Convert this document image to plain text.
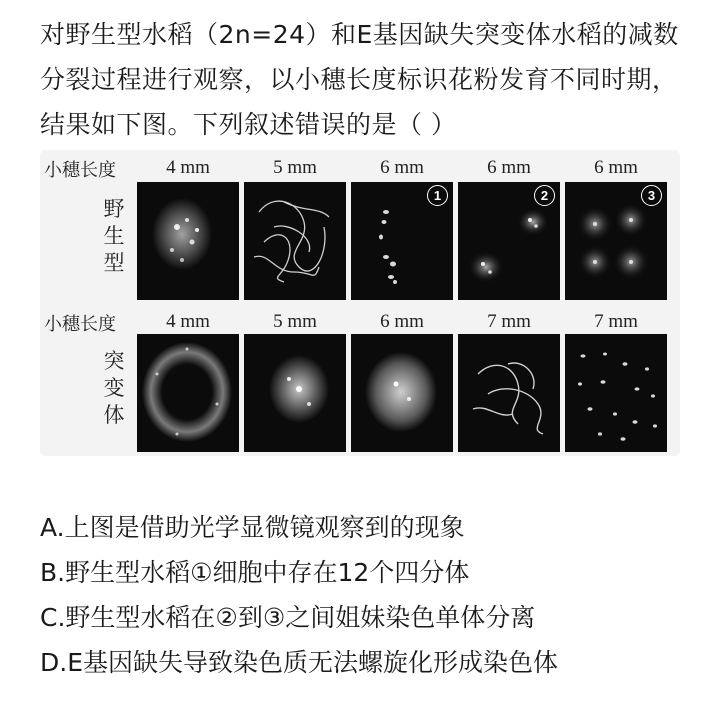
对野生型水稻（2n=24）和E基因缺失突变体水稻的减数分裂过程进行观察，以小穗长度标识花粉发育不同时期，结果如下图。下列叙述错误的是（ ）
小穗长度	4 mm	5 mm	6 mm	6 mm	6 mm
野
生
型
1	2	3
小穗长度	4 mm	5 mm	6 mm	7 mm	7 mm
突
变
体
A.上图是借助光学显微镜观察到的现象
B.野生型水稻①细胞中存在12个四分体
C.野生型水稻在②到③之间姐妹染色单体分离
D.E基因缺失导致染色质无法螺旋化形成染色体
